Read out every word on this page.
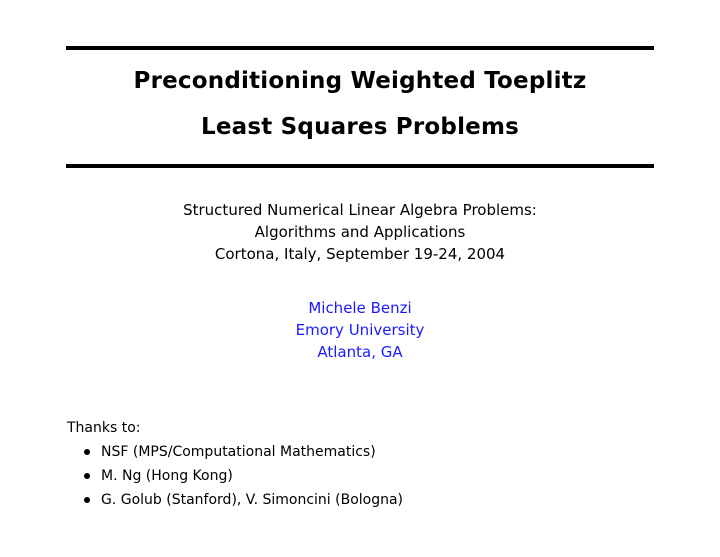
Preconditioning Weighted Toeplitz
Least Squares Problems
Structured Numerical Linear Algebra Problems:
Algorithms and Applications
Cortona, Italy, September 19-24, 2004
Michele Benzi
Emory University
Atlanta, GA
Thanks to:
NSF (MPS/Computational Mathematics)
M. Ng (Hong Kong)
G. Golub (Stanford), V. Simoncini (Bologna)
